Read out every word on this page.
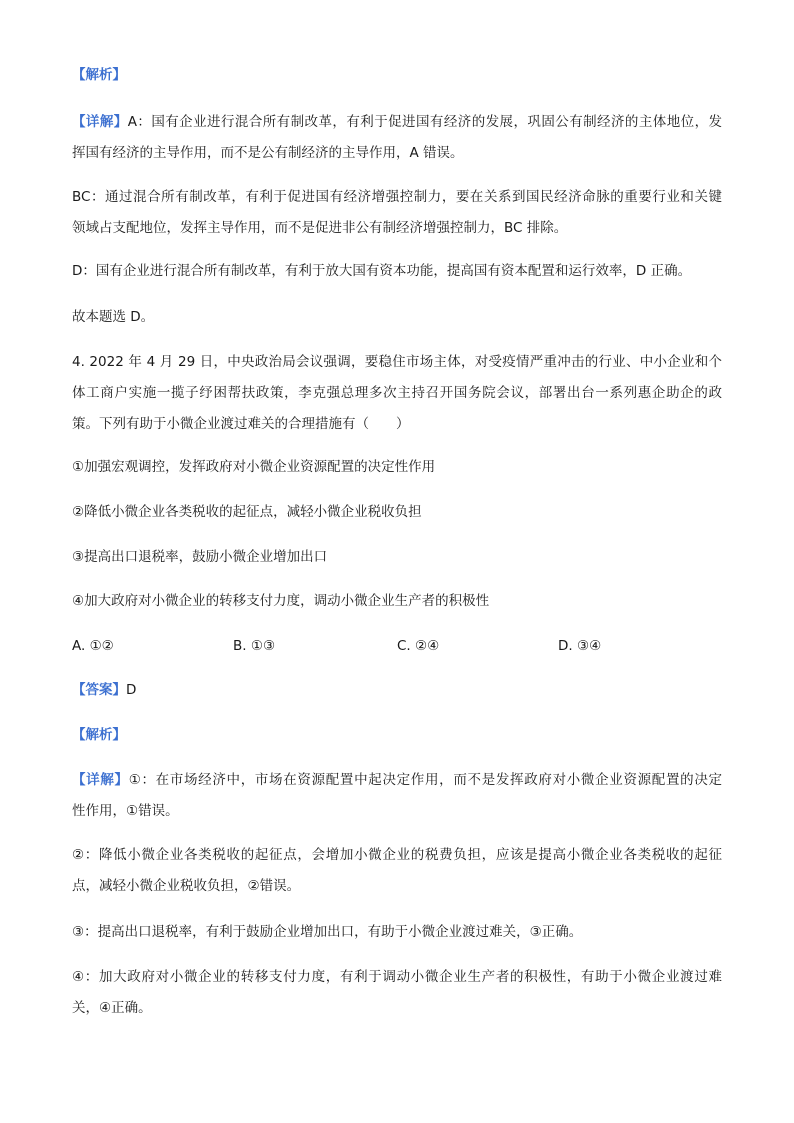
【解析】

【详解】A：国有企业进行混合所有制改革，有利于促进国有经济的发展，巩固公有制经济的主体地位，发
挥国有经济的主导作用，而不是公有制经济的主导作用，A 错误。

BC：通过混合所有制改革，有利于促进国有经济增强控制力，要在关系到国民经济命脉的重要行业和关键
领域占支配地位，发挥主导作用，而不是促进非公有制经济增强控制力，BC 排除。

D：国有企业进行混合所有制改革，有利于放大国有资本功能，提高国有资本配置和运行效率，D 正确。

故本题选 D。

4. 2022 年 4 月 29 日，中央政治局会议强调，要稳住市场主体，对受疫情严重冲击的行业、中小企业和个
体工商户实施一揽子纾困帮扶政策，李克强总理多次主持召开国务院会议，部署出台一系列惠企助企的政
策。下列有助于小微企业渡过难关的合理措施有（　　）

①加强宏观调控，发挥政府对小微企业资源配置的决定性作用

②降低小微企业各类税收的起征点，减轻小微企业税收负担

③提高出口退税率，鼓励小微企业增加出口

④加大政府对小微企业的转移支付力度，调动小微企业生产者的积极性

A. ①②	B. ①③	C. ②④	D. ③④

【答案】D

【解析】

【详解】①：在市场经济中，市场在资源配置中起决定作用，而不是发挥政府对小微企业资源配置的决定
性作用，①错误。

②：降低小微企业各类税收的起征点，会增加小微企业的税费负担，应该是提高小微企业各类税收的起征
点，减轻小微企业税收负担，②错误。

③：提高出口退税率，有利于鼓励企业增加出口，有助于小微企业渡过难关，③正确。

④：加大政府对小微企业的转移支付力度，有利于调动小微企业生产者的积极性，有助于小微企业渡过难
关，④正确。
